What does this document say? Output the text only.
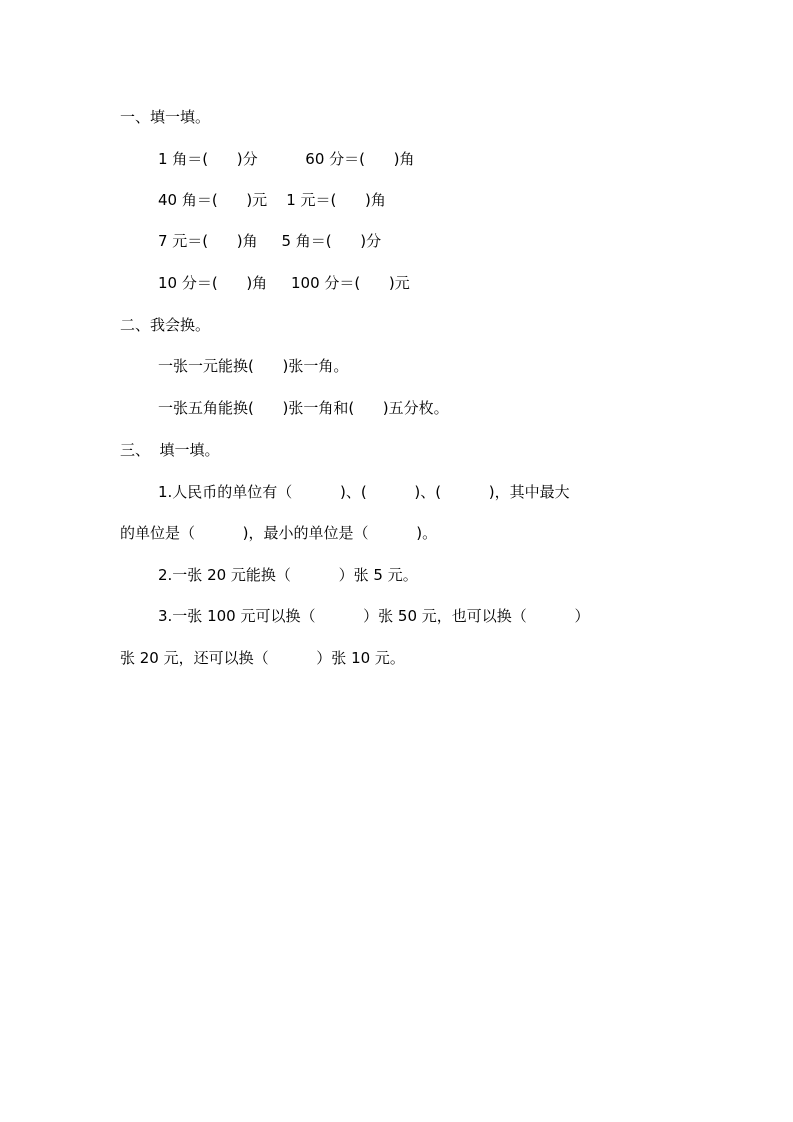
一、填一填。
1 角＝(      )分          60 分＝(      )角
40 角＝(      )元    1 元＝(      )角
7 元＝(      )角     5 角＝(      )分
10 分＝(      )角     100 分＝(      )元
二、我会换。
一张一元能换(      )张一角。
一张五角能换(      )张一角和(      )五分枚。
三、  填一填。
1.人民币的单位有（          )、(          )、(          )，其中最大
的单位是（          )，最小的单位是（          )。
2.一张 20 元能换（          ）张 5 元。
3.一张 100 元可以换（          ）张 50 元，也可以换（          ）
张 20 元，还可以换（          ）张 10 元。
